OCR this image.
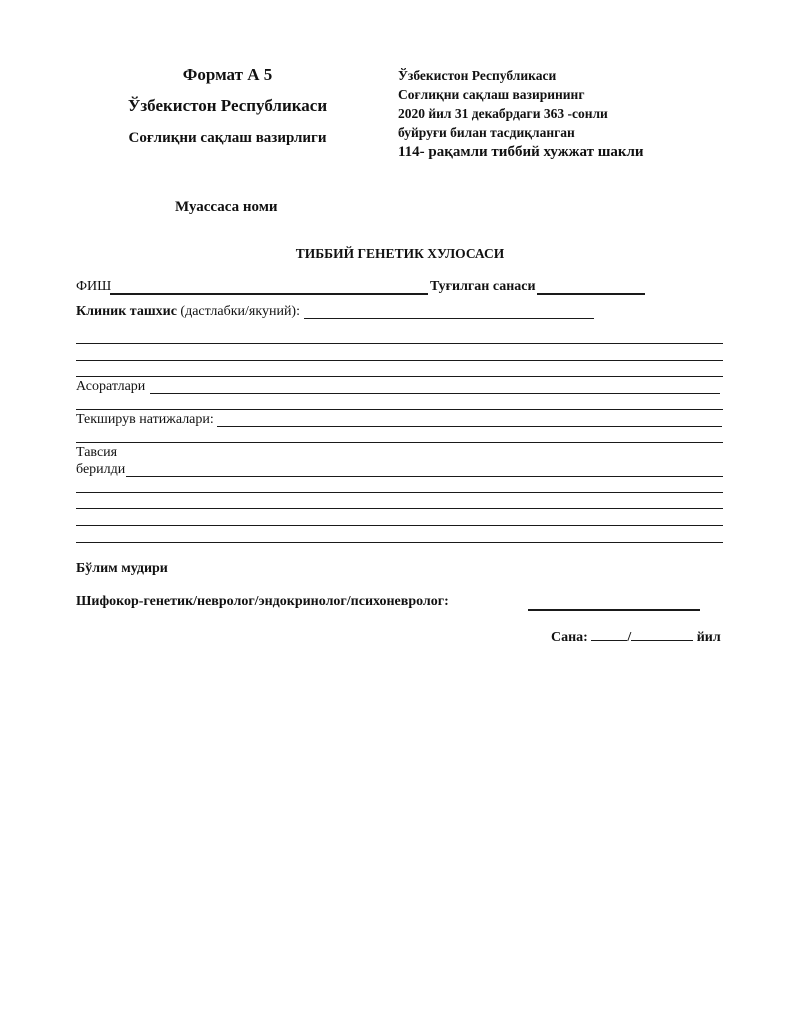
Формат А 5
Ўзбекистон Республикаси
Соғлиқни сақлаш вазирлиги
Ўзбекистон Республикаси
Соғлиқни сақлаш вазирининг
2020 йил 31 декабрдаги 363 -сонли
буйруғи билан тасдиқланган
114- рақамли тиббий хужжат шакли
Муассаса номи
ТИББИЙ ГЕНЕТИК ХУЛОСАСИ
ФИШ	Туғилган санаси
Клиник ташхис (дастлабки/якуний):
Асоратлари
Текширув натижалари:
Тавсия
берилди
Бўлим мудири
Шифокор-генетик/невролог/эндокринолог/психоневролог:
Сана:	/	йил
